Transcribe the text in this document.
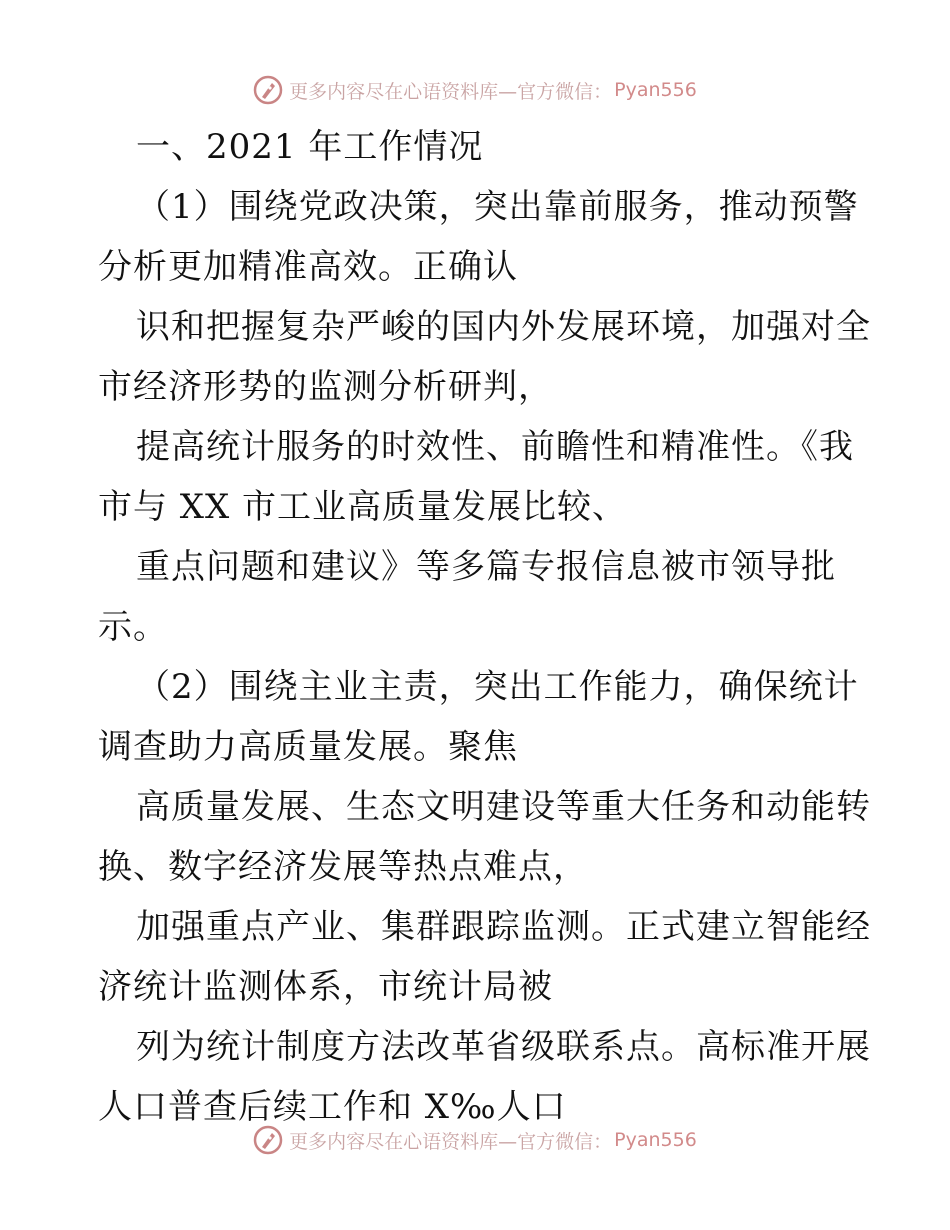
更多内容尽在心语资料库—官方微信： Pyan556
一、2021 年工作情况
（1）围绕党政决策，突出靠前服务，推动预警
分析更加精准高效。正确认
识和把握复杂严峻的国内外发展环境，加强对全
市经济形势的监测分析研判，
提高统计服务的时效性、前瞻性和精准性。《我
市与 XX 市工业高质量发展比较、
重点问题和建议》等多篇专报信息被市领导批
示。
（2）围绕主业主责，突出工作能力，确保统计
调查助力高质量发展。聚焦
高质量发展、生态文明建设等重大任务和动能转
换、数字经济发展等热点难点，
加强重点产业、集群跟踪监测。正式建立智能经
济统计监测体系，市统计局被
列为统计制度方法改革省级联系点。高标准开展
人口普查后续工作和 X‰人口
更多内容尽在心语资料库—官方微信： Pyan556
